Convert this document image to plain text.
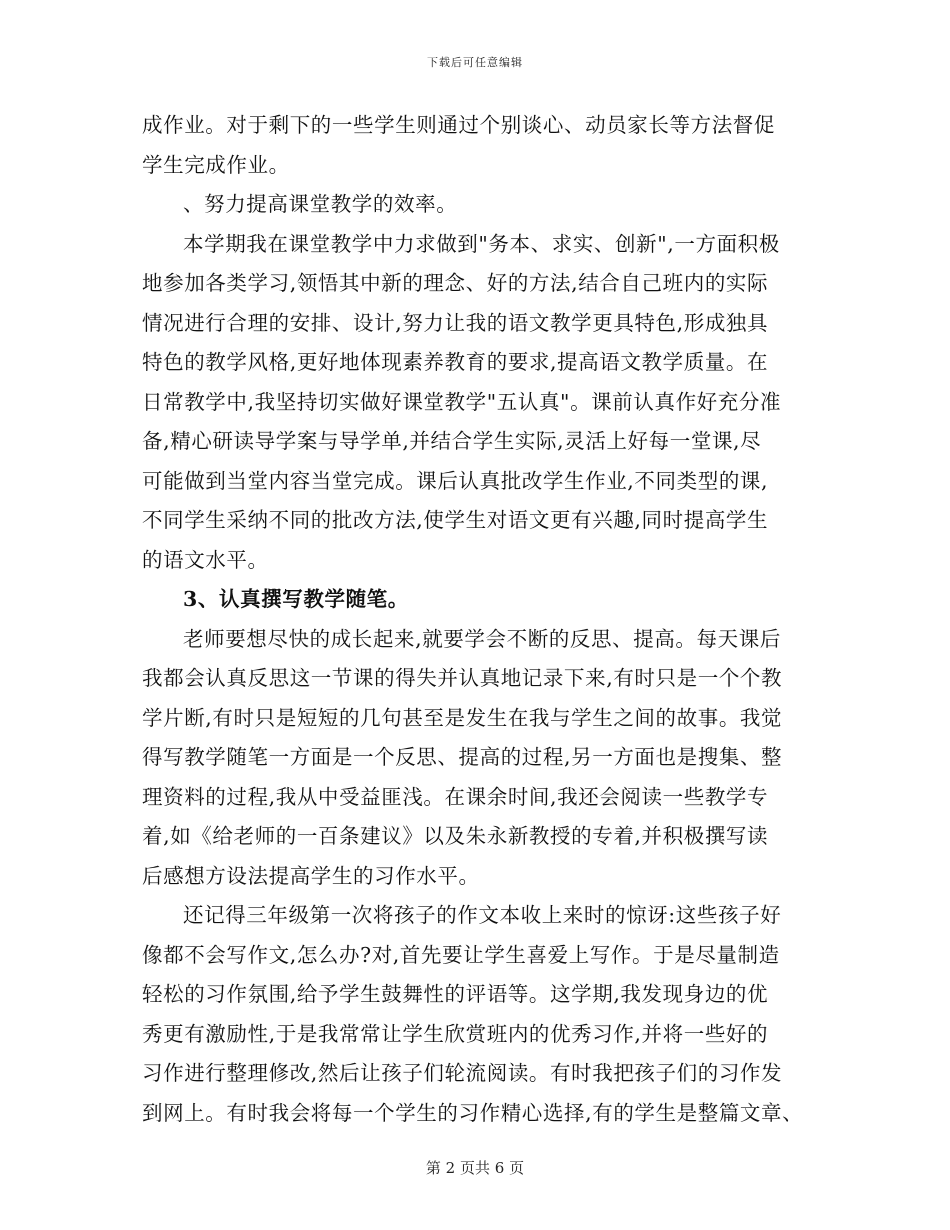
下载后可任意编辑
成作业。对于剩下的一些学生则通过个别谈心、动员家长等方法督促
学生完成作业。
、努力提高课堂教学的效率。
本学期我在课堂教学中力求做到"务本、求实、创新",一方面积极
地参加各类学习,领悟其中新的理念、好的方法,结合自己班内的实际
情况进行合理的安排、设计,努力让我的语文教学更具特色,形成独具
特色的教学风格,更好地体现素养教育的要求,提高语文教学质量。在
日常教学中,我坚持切实做好课堂教学"五认真"。课前认真作好充分准
备,精心研读导学案与导学单,并结合学生实际,灵活上好每一堂课,尽
可能做到当堂内容当堂完成。课后认真批改学生作业,不同类型的课,
不同学生采纳不同的批改方法,使学生对语文更有兴趣,同时提高学生
的语文水平。
3、认真撰写教学随笔。
老师要想尽快的成长起来,就要学会不断的反思、提高。每天课后
我都会认真反思这一节课的得失并认真地记录下来,有时只是一个个教
学片断,有时只是短短的几句甚至是发生在我与学生之间的故事。我觉
得写教学随笔一方面是一个反思、提高的过程,另一方面也是搜集、整
理资料的过程,我从中受益匪浅。在课余时间,我还会阅读一些教学专
着,如《给老师的一百条建议》以及朱永新教授的专着,并积极撰写读
后感想方设法提高学生的习作水平。
还记得三年级第一次将孩子的作文本收上来时的惊讶:这些孩子好
像都不会写作文,怎么办?对,首先要让学生喜爱上写作。于是尽量制造
轻松的习作氛围,给予学生鼓舞性的评语等。这学期,我发现身边的优
秀更有激励性,于是我常常让学生欣赏班内的优秀习作,并将一些好的
习作进行整理修改,然后让孩子们轮流阅读。有时我把孩子们的习作发
到网上。有时我会将每一个学生的习作精心选择,有的学生是整篇文章、
第 2 页共 6 页
